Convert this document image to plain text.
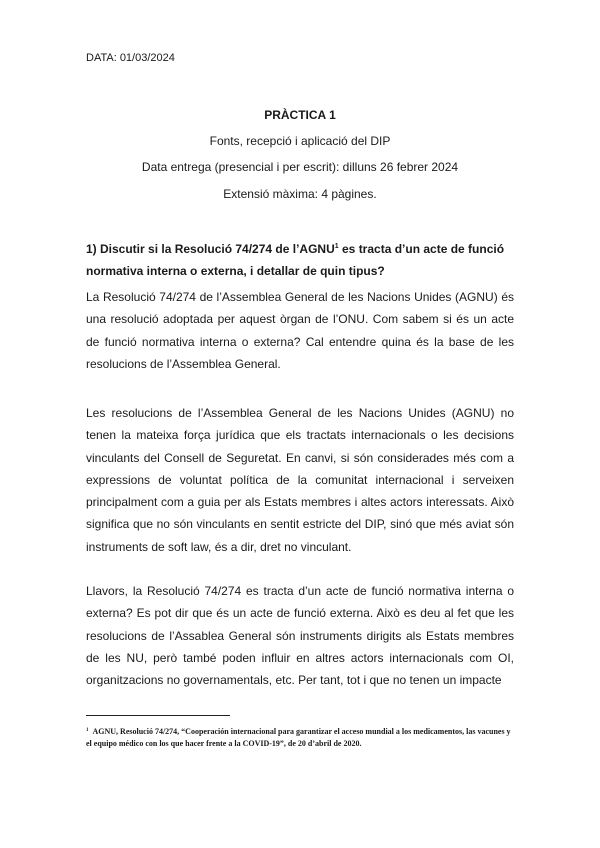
DATA: 01/03/2024
PRÀCTICA 1
Fonts, recepció i aplicació del DIP
Data entrega (presencial i per escrit): dilluns 26 febrer 2024
Extensió màxima: 4 pàgines.
1) Discutir si la Resolució 74/274 de l’AGNU$^1$ es tracta d’un acte de funció normativa interna o externa, i detallar de quin tipus?
La Resolució 74/274 de l’Assemblea General de les Nacions Unides (AGNU) és una resolució adoptada per aquest òrgan de l’ONU. Com sabem si és un acte de funció normativa interna o externa? Cal entendre quina és la base de les resolucions de l’Assemblea General.
Les resolucions de l’Assemblea General de les Nacions Unides (AGNU) no tenen la mateixa força jurídica que els tractats internacionals o les decisions vinculants del Consell de Seguretat. En canvi, si són considerades més com a expressions de voluntat política de la comunitat internacional i serveixen principalment com a guia per als Estats membres i altes actors interessats. Això significa que no són vinculants en sentit estricte del DIP, sinó que més aviat són instruments de soft law, és a dir, dret no vinculant.
Llavors, la Resolució 74/274 es tracta d’un acte de funció normativa interna o externa? Es pot dir que és un acte de funció externa. Això es deu al fet que les resolucions de l’Assablea General són instruments dirigits als Estats membres de les NU, però també poden influir en altres actors internacionals com OI, organitzacions no governamentals, etc. Per tant, tot i que no tenen un impacte
$^1$ AGNU, Resolució 74/274, “Cooperación internacional para garantizar el acceso mundial a los medicamentos, las vacunes y el equipo médico con los que hacer frente a la COVID-19”, de 20 d’abril de 2020.
